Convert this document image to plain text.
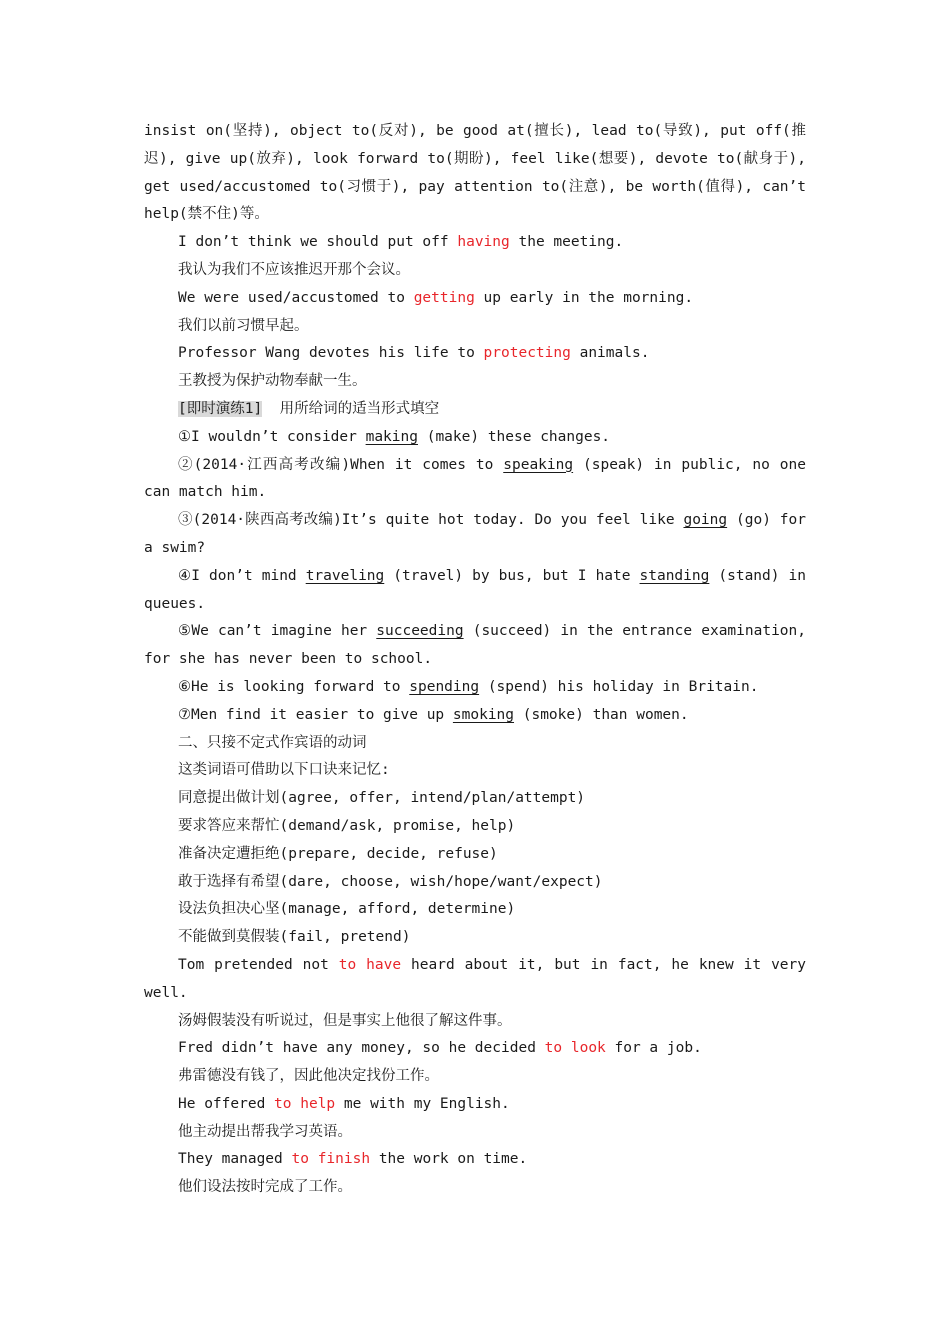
insist on(坚持), object to(反对), be good at(擅长), lead to(导致), put off(推迟), give up(放弃), look forward to(期盼), feel like(想要), devote to(献身于), get used/accustomed to(习惯于), pay attention to(注意), be worth(值得), can’t help(禁不住)等。

I don’t think we should put off having the meeting.

我认为我们不应该推迟开那个会议。

We were used/accustomed to getting up early in the morning.

我们以前习惯早起。

Professor Wang devotes his life to protecting animals.

王教授为保护动物奉献一生。

[即时演练1] 用所给词的适当形式填空

①I wouldn’t consider making (make) these changes.

②(2014·江西高考改编)When it comes to speaking (speak) in public, no one can match him.

③(2014·陕西高考改编)It’s quite hot today. Do you feel like going (go) for a swim?

④I don’t mind traveling (travel) by bus, but I hate standing (stand) in queues.

⑤We can’t imagine her succeeding (succeed) in the entrance examination, for she has never been to school.

⑥He is looking forward to spending (spend) his holiday in Britain.

⑦Men find it easier to give up smoking (smoke) than women.

二、只接不定式作宾语的动词

这类词语可借助以下口诀来记忆:

同意提出做计划(agree, offer, intend/plan/attempt)

要求答应来帮忙(demand/ask, promise, help)

准备决定遭拒绝(prepare, decide, refuse)

敢于选择有希望(dare, choose, wish/hope/want/expect)

设法负担决心坚(manage, afford, determine)

不能做到莫假装(fail, pretend)

Tom pretended not to have heard about it, but in fact, he knew it very well.

汤姆假装没有听说过，但是事实上他很了解这件事。

Fred didn’t have any money, so he decided to look for a job.

弗雷德没有钱了，因此他决定找份工作。

He offered to help me with my English.

他主动提出帮我学习英语。

They managed to finish the work on time.

他们设法按时完成了工作。
